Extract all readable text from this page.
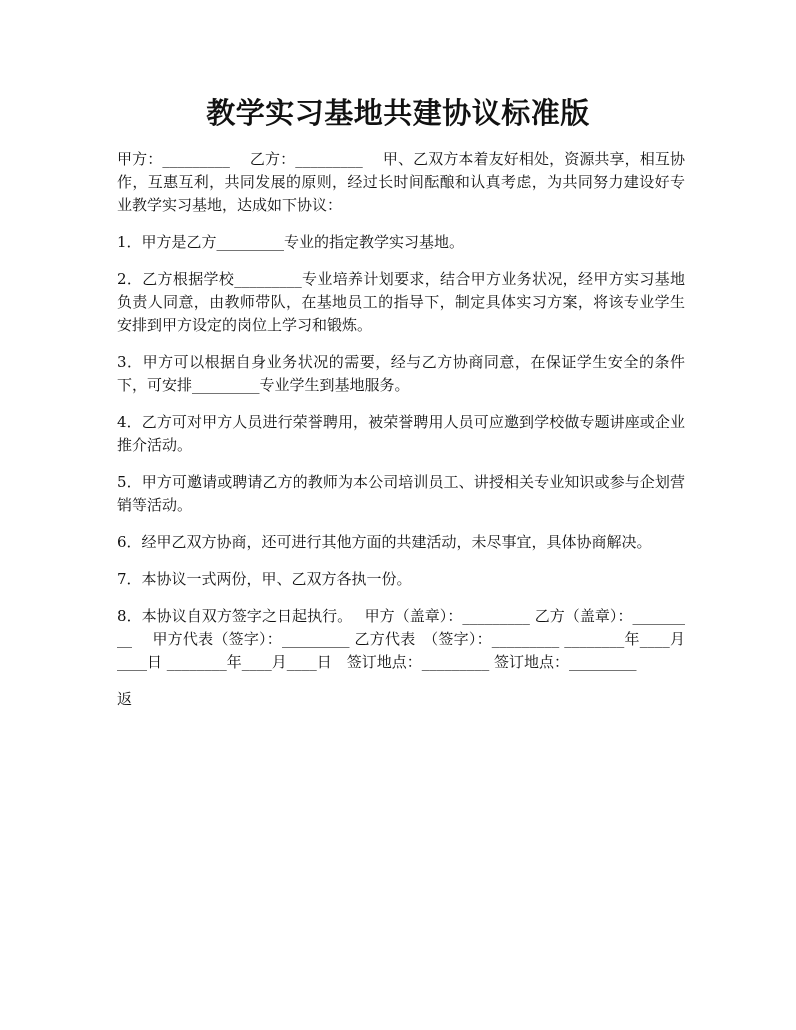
教学实习基地共建协议标准版

甲方：_________　 乙方：_________　 甲、乙双方本着友好相处，资源共享，相互协作，互惠互利，共同发展的原则，经过长时间酝酿和认真考虑，为共同努力建设好专业教学实习基地，达成如下协议：

1．甲方是乙方_________专业的指定教学实习基地。

2．乙方根据学校_________专业培养计划要求，结合甲方业务状况，经甲方实习基地负责人同意，由教师带队，在基地员工的指导下，制定具体实习方案，将该专业学生安排到甲方设定的岗位上学习和锻炼。

3．甲方可以根据自身业务状况的需要，经与乙方协商同意，在保证学生安全的条件下，可安排_________专业学生到基地服务。

4．乙方可对甲方人员进行荣誉聘用，被荣誉聘用人员可应邀到学校做专题讲座或企业推介活动。

5．甲方可邀请或聘请乙方的教师为本公司培训员工、讲授相关专业知识或参与企划营销等活动。

6．经甲乙双方协商，还可进行其他方面的共建活动，未尽事宜，具体协商解决。

7．本协议一式两份，甲、乙双方各执一份。

8．本协议自双方签字之日起执行。　 甲方（盖章）：_________ 乙方（盖章）：_________　 甲方代表（签字）：_________ 乙方代表　（签字）：_________ ________年____月____日 ________年____月____日　签订地点：_________ 签订地点：_________

返
